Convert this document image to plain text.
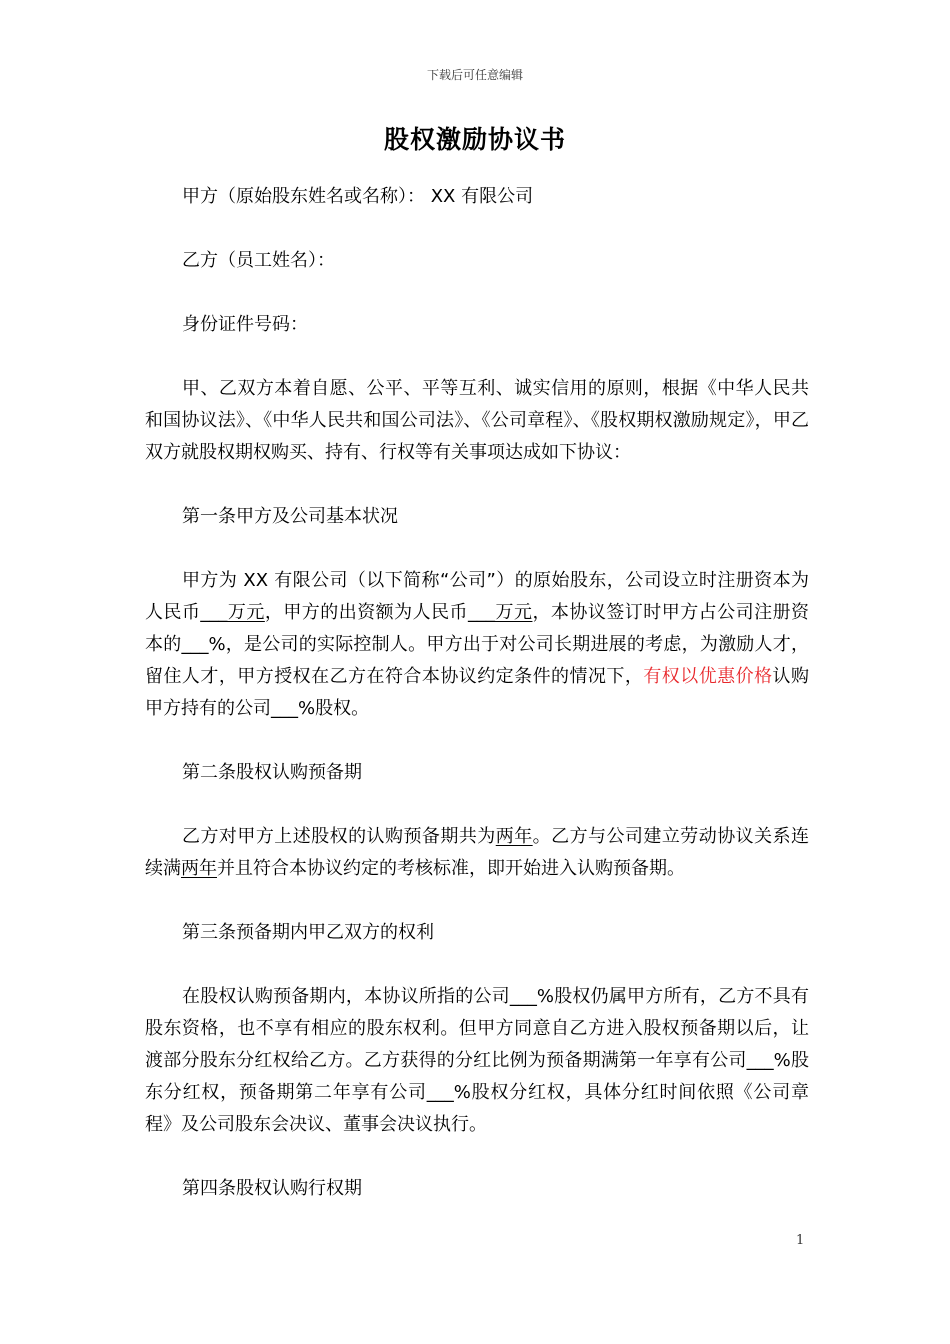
下载后可任意编辑
股权激励协议书

甲方（原始股东姓名或名称）： XX 有限公司

乙方（员工姓名）：

身份证件号码：

甲、乙双方本着自愿、公平、平等互利、诚实信用的原则，根据《中华人民共和国协议法》、《中华人民共和国公司法》、《公司章程》、《股权期权激励规定》，甲乙双方就股权期权购买、持有、行权等有关事项达成如下协议：

第一条甲方及公司基本状况

甲方为 XX 有限公司（以下简称“公司”）的原始股东，公司设立时注册资本为人民币___万元，甲方的出资额为人民币___万元，本协议签订时甲方占公司注册资本的___%，是公司的实际控制人。甲方出于对公司长期进展的考虑，为激励人才，留住人才，甲方授权在乙方在符合本协议约定条件的情况下，有权以优惠价格认购甲方持有的公司___%股权。

第二条股权认购预备期

乙方对甲方上述股权的认购预备期共为两年。乙方与公司建立劳动协议关系连续满两年并且符合本协议约定的考核标准，即开始进入认购预备期。

第三条预备期内甲乙双方的权利

在股权认购预备期内，本协议所指的公司___%股权仍属甲方所有，乙方不具有股东资格，也不享有相应的股东权利。但甲方同意自乙方进入股权预备期以后，让渡部分股东分红权给乙方。乙方获得的分红比例为预备期满第一年享有公司___%股东分红权，预备期第二年享有公司___%股权分红权，具体分红时间依照《公司章程》及公司股东会决议、董事会决议执行。

第四条股权认购行权期

1
